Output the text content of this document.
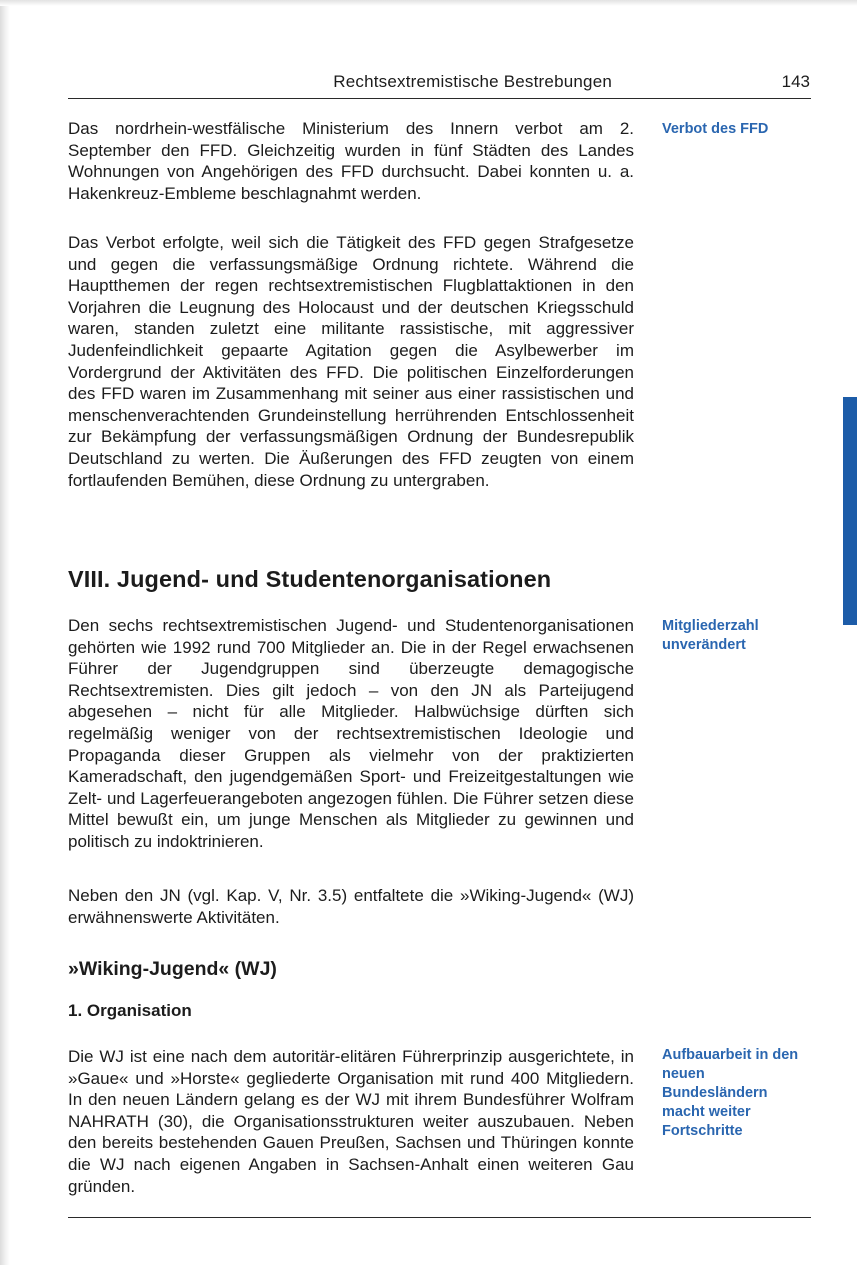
Rechtsextremistische Bestrebungen	143

Das nordrhein-westfälische Ministerium des Innern verbot am 2. September den FFD. Gleichzeitig wurden in fünf Städten des Landes Wohnungen von Angehörigen des FFD durchsucht. Dabei konnten u. a. Hakenkreuz-Embleme beschlagnahmt werden.

Verbot des FFD

Das Verbot erfolgte, weil sich die Tätigkeit des FFD gegen Strafgesetze und gegen die verfassungsmäßige Ordnung richtete. Während die Hauptthemen der regen rechtsextremistischen Flugblattaktionen in den Vorjahren die Leugnung des Holocaust und der deutschen Kriegsschuld waren, standen zuletzt eine militante rassistische, mit aggressiver Judenfeindlichkeit gepaarte Agitation gegen die Asylbewerber im Vordergrund der Aktivitäten des FFD. Die politischen Einzelforderungen des FFD waren im Zusammenhang mit seiner aus einer rassistischen und menschenverachtenden Grundeinstellung herrührenden Entschlossenheit zur Bekämpfung der verfassungsmäßigen Ordnung der Bundesrepublik Deutschland zu werten. Die Äußerungen des FFD zeugten von einem fortlaufenden Bemühen, diese Ordnung zu untergraben.

VIII. Jugend- und Studentenorganisationen

Den sechs rechtsextremistischen Jugend- und Studentenorganisationen gehörten wie 1992 rund 700 Mitglieder an. Die in der Regel erwachsenen Führer der Jugendgruppen sind überzeugte demagogische Rechtsextremisten. Dies gilt jedoch – von den JN als Parteijugend abgesehen – nicht für alle Mitglieder. Halbwüchsige dürften sich regelmäßig weniger von der rechtsextremistischen Ideologie und Propaganda dieser Gruppen als vielmehr von der praktizierten Kameradschaft, den jugendgemäßen Sport- und Freizeitgestaltungen wie Zelt- und Lagerfeuerangeboten angezogen fühlen. Die Führer setzen diese Mittel bewußt ein, um junge Menschen als Mitglieder zu gewinnen und politisch zu indoktrinieren.

Mitgliederzahl unverändert

Neben den JN (vgl. Kap. V, Nr. 3.5) entfaltete die »Wiking-Jugend« (WJ) erwähnenswerte Aktivitäten.

»Wiking-Jugend« (WJ)
1. Organisation

Die WJ ist eine nach dem autoritär-elitären Führerprinzip ausgerichtete, in »Gaue« und »Horste« gegliederte Organisation mit rund 400 Mitgliedern. In den neuen Ländern gelang es der WJ mit ihrem Bundesführer Wolfram NAHRATH (30), die Organisationsstrukturen weiter auszubauen. Neben den bereits bestehenden Gauen Preußen, Sachsen und Thüringen konnte die WJ nach eigenen Angaben in Sachsen-Anhalt einen weiteren Gau gründen.

Aufbauarbeit in den neuen Bundesländern macht weiter Fortschritte
